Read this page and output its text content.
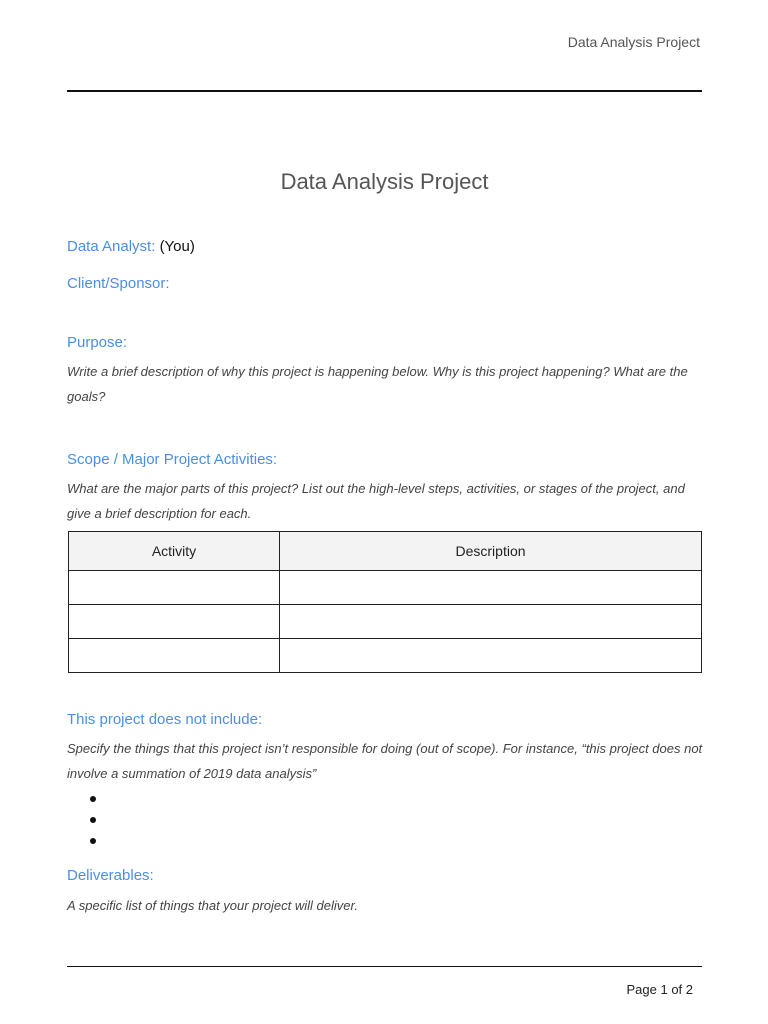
Data Analysis Project
Data Analysis Project
Data Analyst: (You)
Client/Sponsor:
Purpose:
Write a brief description of why this project is happening below. Why is this project happening? What are the goals?
Scope / Major Project Activities:
What are the major parts of this project? List out the high-level steps, activities, or stages of the project, and give a brief description for each.
Activity	Description

This project does not include:
Specify the things that this project isn’t responsible for doing (out of scope). For instance, “this project does not involve a summation of 2019 data analysis”
Deliverables:
A specific list of things that your project will deliver.
Page 1 of 2
